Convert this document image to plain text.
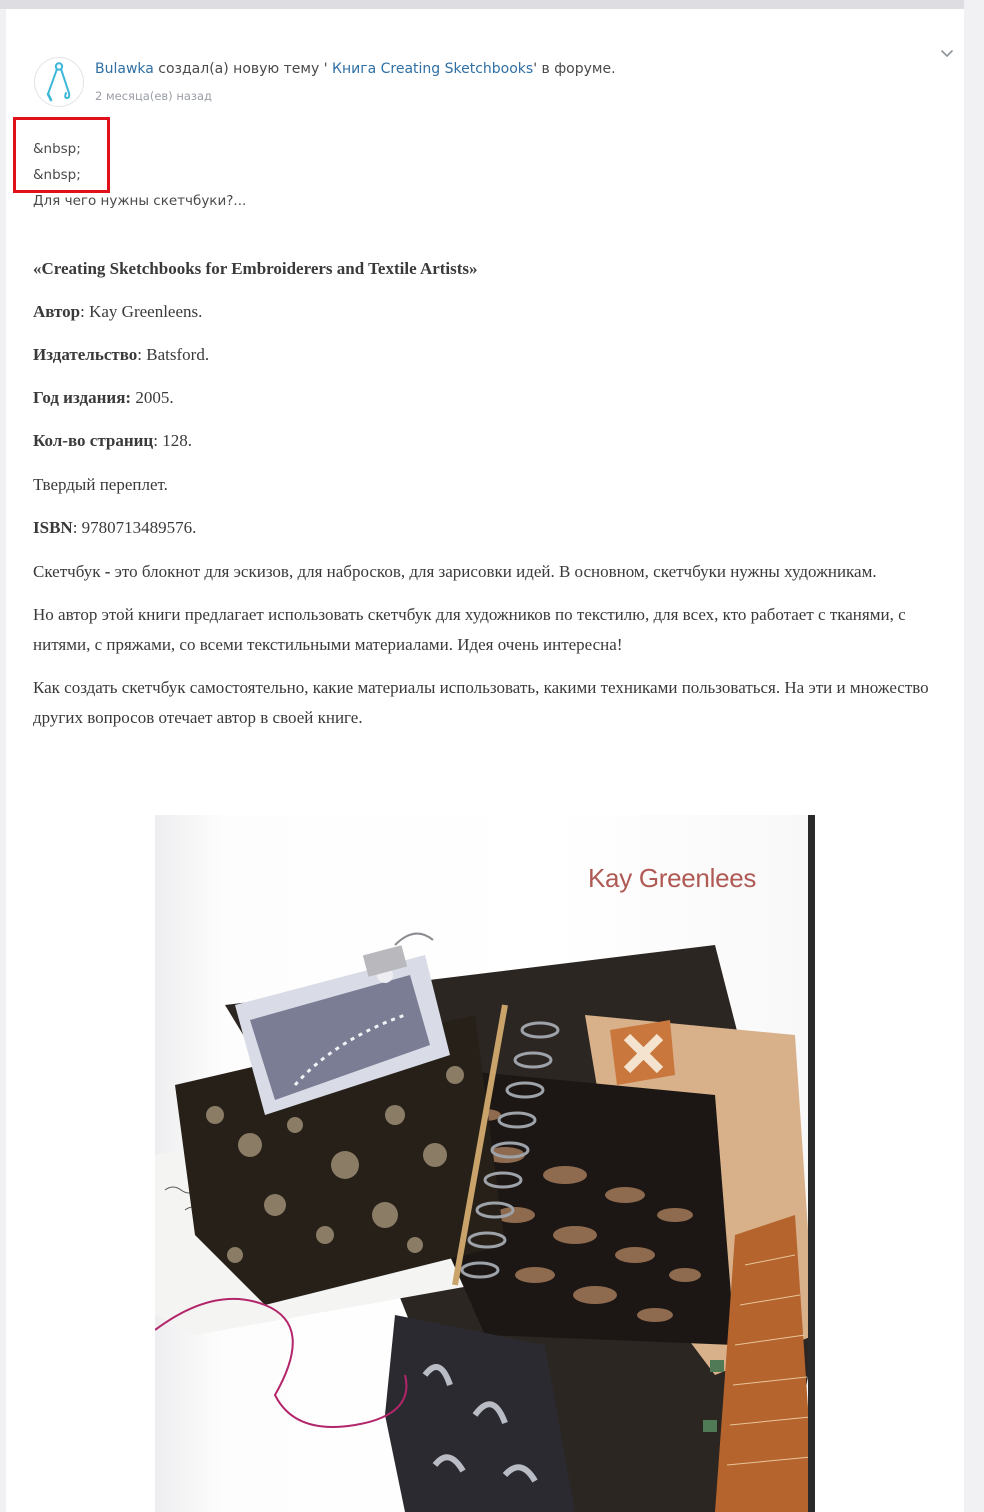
Bulawka создал(а) новую тему ' Книга Creating Sketchbooks' в форуме.
2 месяца(ев) назад
&nbsp;
&nbsp;
Для чего нужны скетчбуки?...
«Creating Sketchbooks for Embroiderers and Textile Artists»
Автор: Kay Greenleens.
Издательство: Batsford.
Год издания: 2005.
Кол-во страниц: 128.
Твердый переплет.
ISBN: 9780713489576.
Скетчбук - это блокнот для эскизов, для набросков, для зарисовки идей. В основном, скетчбуки нужны художникам.
Но автор этой книги предлагает использовать скетчбук для художников по текстилю, для всех, кто работает с тканями, с нитями, с пряжами, со всеми текстильными материалами. Идея очень интересна!
Как создать скетчбук самостоятельно, какие материалы использовать, какими техниками пользоваться. На эти и множество других вопросов отечает автор в своей книге.
Kay Greenlees
